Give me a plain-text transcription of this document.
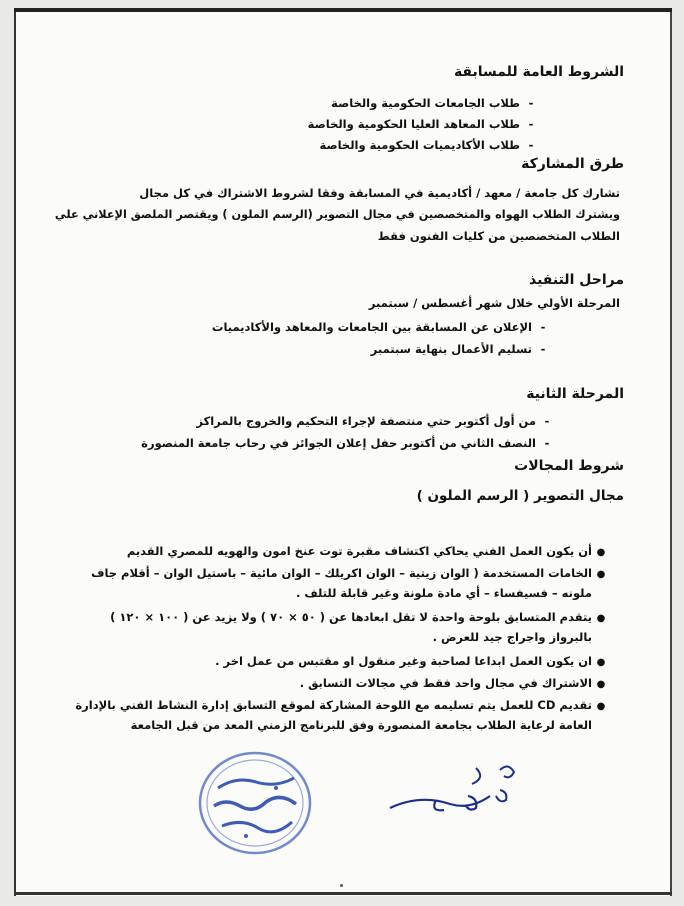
الشروط العامة للمسابقة
-طلاب الجامعات الحكومية والخاصة
-طلاب المعاهد العليا الحكومية والخاصة
-طلاب الأكاديميات الحكومية والخاصة
طرق المشاركة
تشارك كل جامعة / معهد / أكاديمية في المسابقة وفقا لشروط الاشتراك في كل مجال
ويشترك الطلاب الهواه والمتخصصين في مجال التصوير (الرسم الملون ) ويقتصر الملصق الإعلاني علي
الطلاب المتخصصين من كليات الفنون فقط
مراحل التنفيذ
المرحلة الأولي خلال شهر أغسطس / سبتمبر
-الإعلان عن المسابقة بين الجامعات والمعاهد والأكاديميات
-تسليم الأعمال بنهاية سبتمبر
المرحلة الثانية
-من أول أكتوبر حتي منتصفة لإجراء التحكيم والخروج بالمراكز
-النصف الثاني من أكتوبر حفل إعلان الجوائز في رحاب جامعة المنصورة
شروط المجالات
مجال التصوير ( الرسم الملون )
●أن يكون العمل الفني يحاكي اكتشاف مقبرة توت عنخ امون والهويه للمصري القديم
●الخامات المستخدمة ( الوان زيتية – الوان اكريلك – الوان مائية – باستيل الوان – أقلام جاف
ملونه – فسيفساء – أي مادة ملونة وغير قابلة للتلف .
●يتقدم المتسابق بلوحة واحدة لا تقل ابعادها عن ( ٥٠ × ٧٠ ) ولا يزيد عن ( ١٠٠ × ١٢٠ )
بالبرواز واجراج جيد للعرض .
●ان يكون العمل ابداعا لصاحبة وغير منقول او مقتبس من عمل اخر .
●الاشتراك في مجال واحد فقط في مجالات التسابق .
●تقديم CD للعمل يتم تسليمه مع اللوحة المشاركة لموقع التسابق إدارة النشاط الفني بالإدارة
العامة لرعاية الطلاب بجامعة المنصورة وفق للبرنامج الزمني المعد من قبل الجامعة
